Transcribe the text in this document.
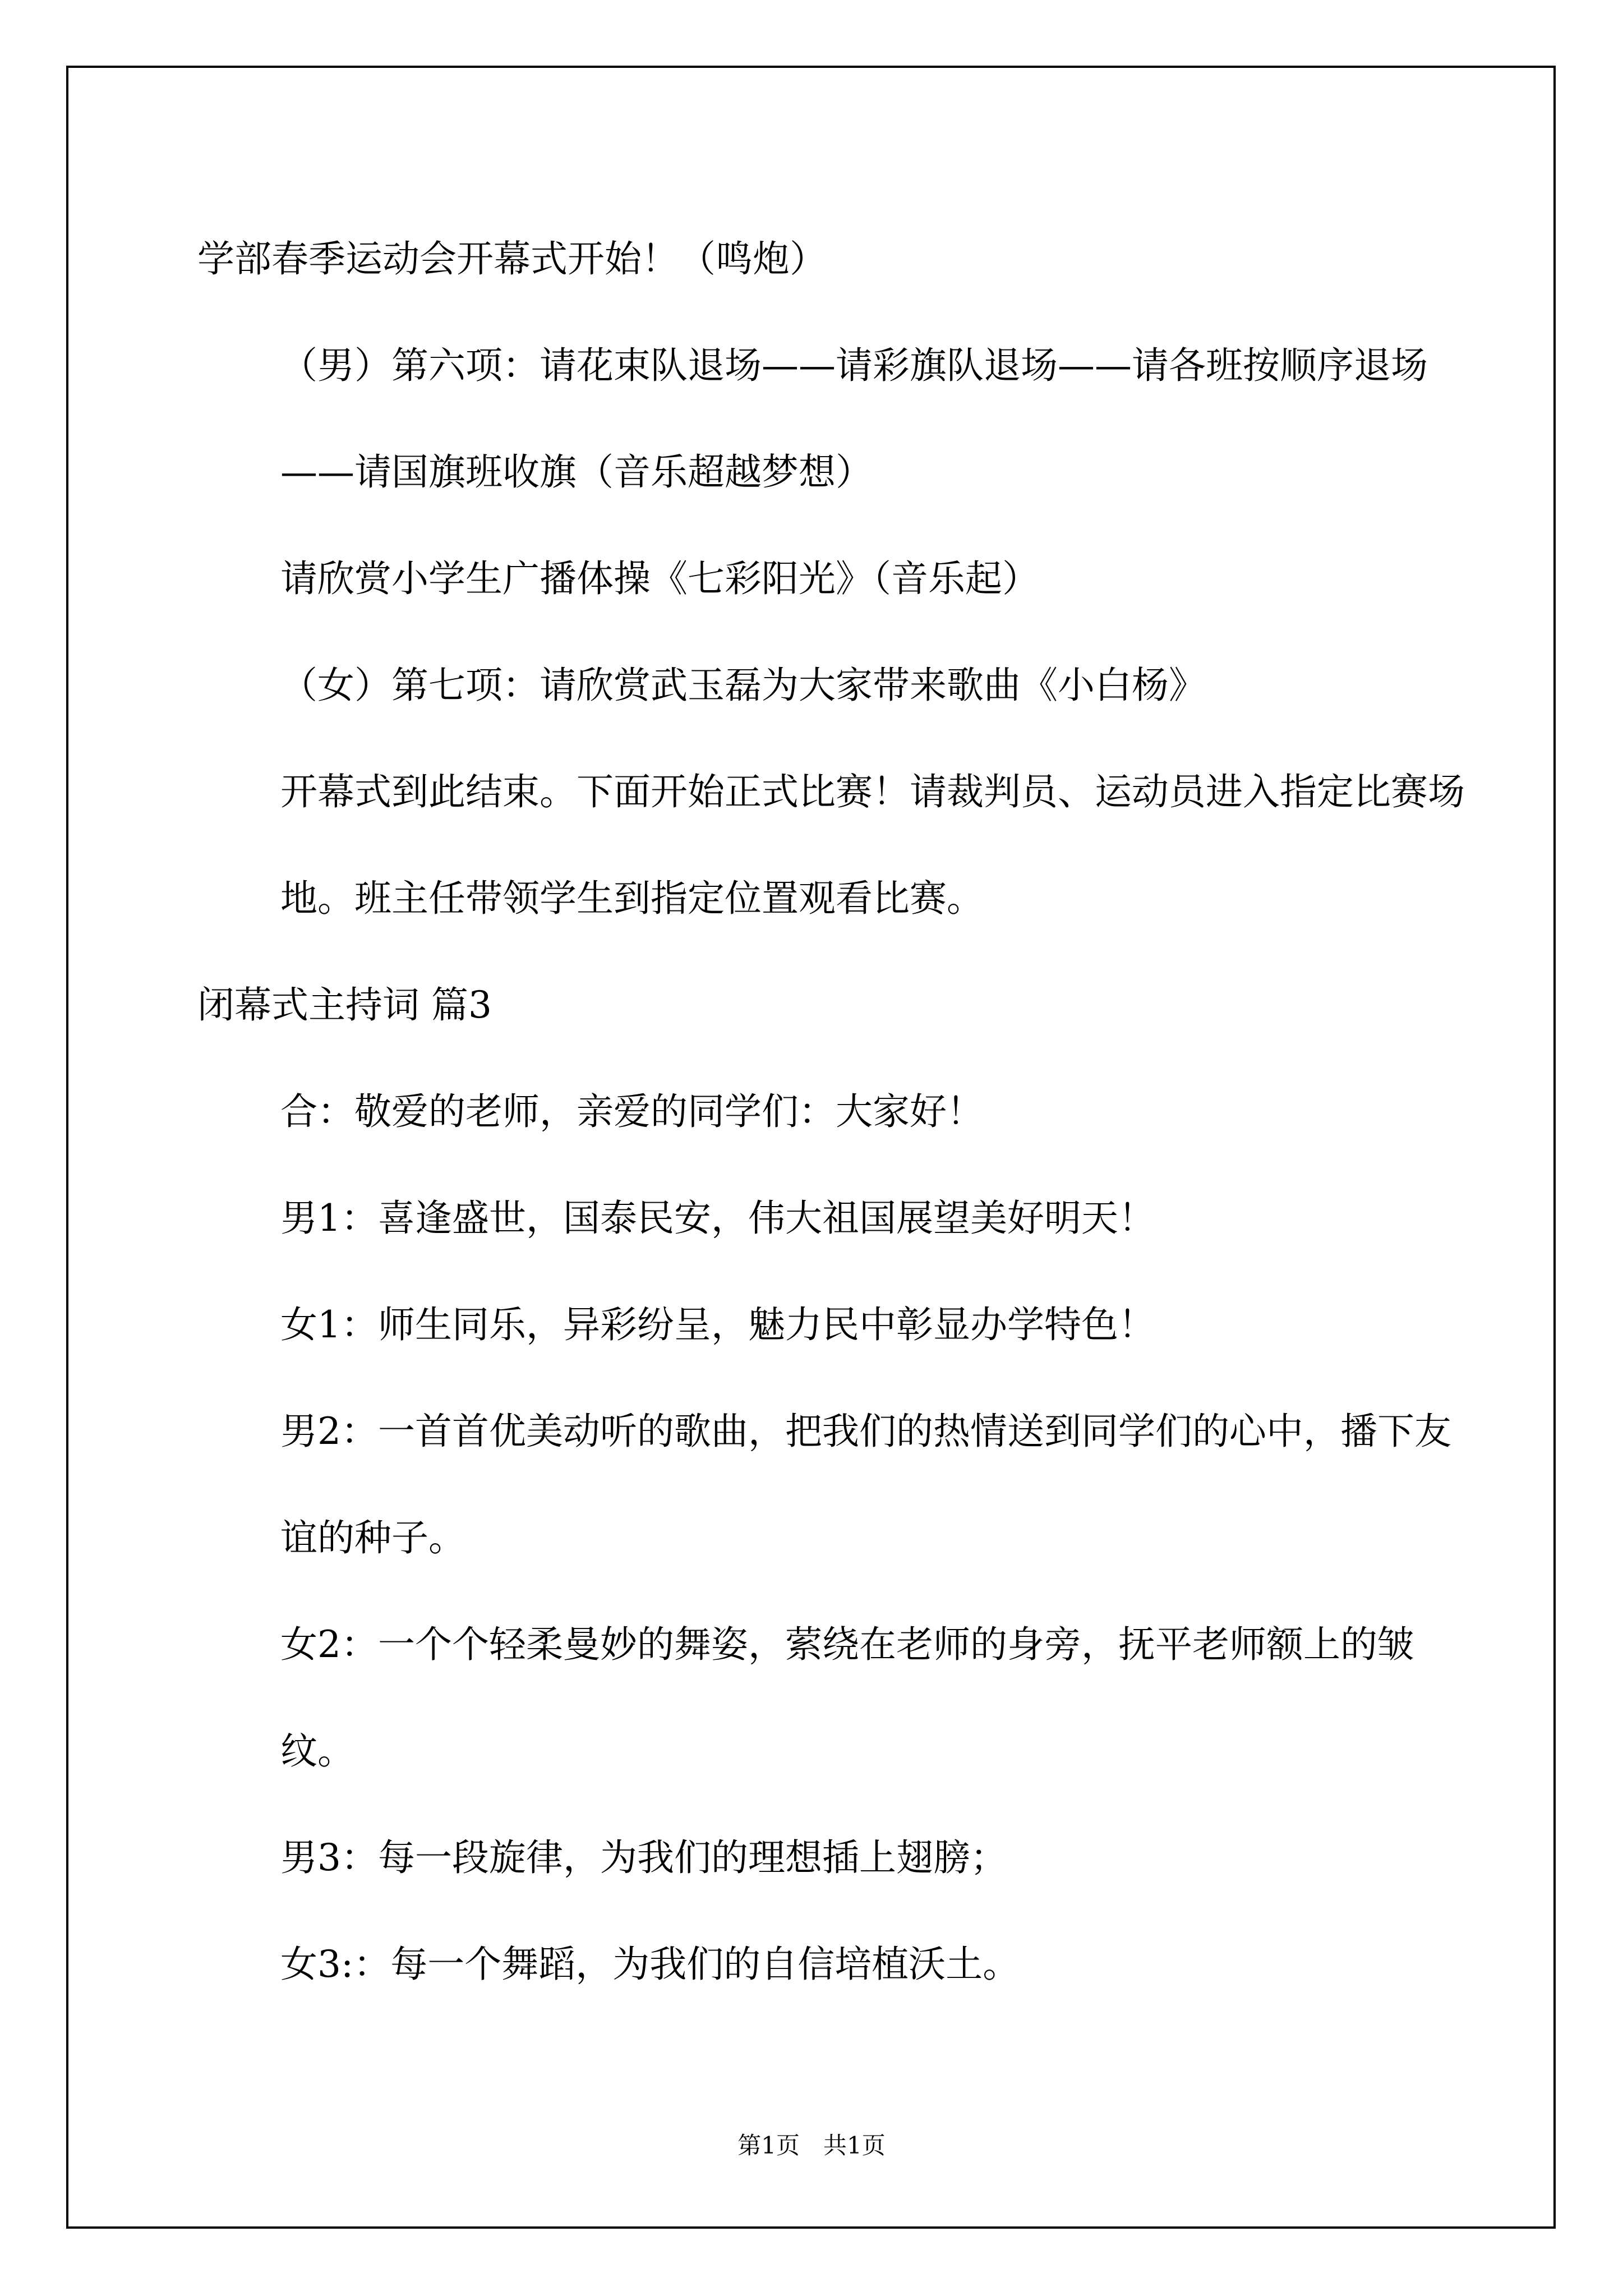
学部春季运动会开幕式开始！（鸣炮）
（男）第六项：请花束队退场——请彩旗队退场——请各班按顺序退场——请国旗班收旗（音乐超越梦想）
请欣赏小学生广播体操《七彩阳光》（音乐起）
（女）第七项：请欣赏武玉磊为大家带来歌曲《小白杨》
开幕式到此结束。下面开始正式比赛！请裁判员、运动员进入指定比赛场地。班主任带领学生到指定位置观看比赛。
闭幕式主持词 篇3
合：敬爱的老师，亲爱的同学们：大家好！
男1：喜逢盛世，国泰民安，伟大祖国展望美好明天！
女1：师生同乐，异彩纷呈，魅力民中彰显办学特色！
男2：一首首优美动听的歌曲，把我们的热情送到同学们的心中，播下友谊的种子。
女2：一个个轻柔曼妙的舞姿，萦绕在老师的身旁，抚平老师额上的皱纹。
男3：每一段旋律，为我们的理想插上翅膀；
女3:：每一个舞蹈，为我们的自信培植沃土。
第1页　共1页
